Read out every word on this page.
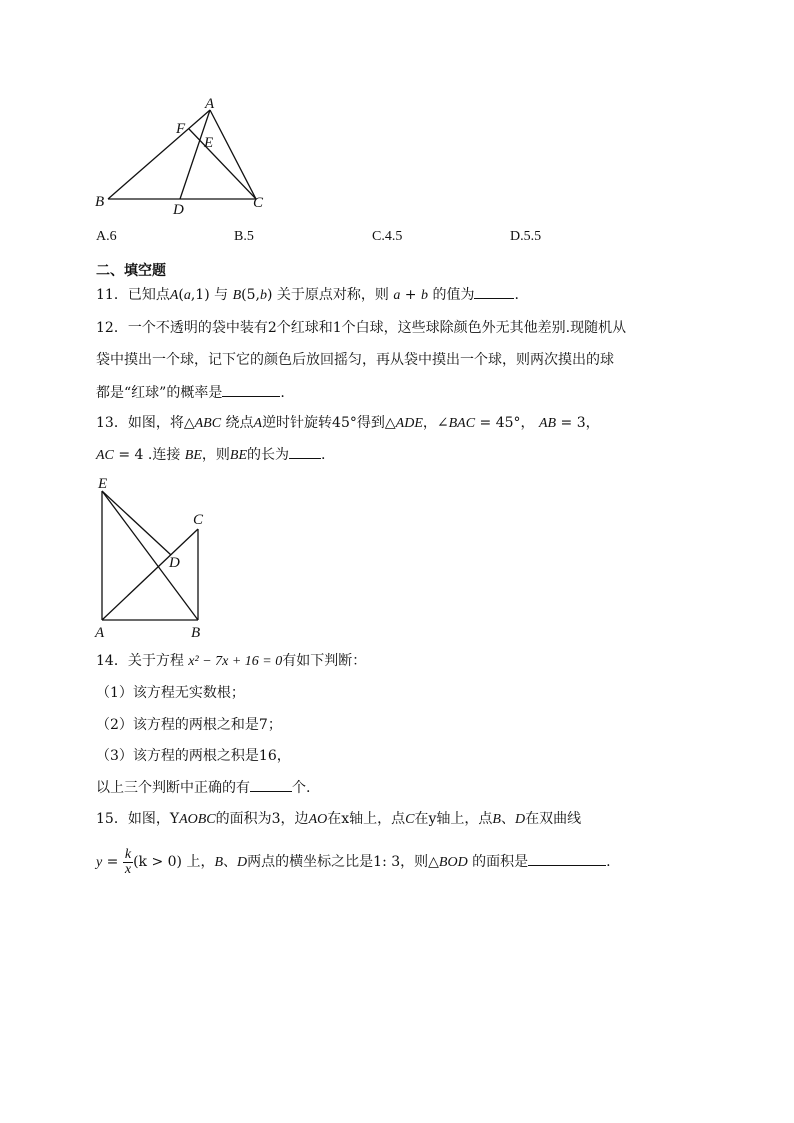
A
F
E
B	D	C
A.6	B.5	C.4.5	D.5.5
二、填空题
11．已知点A(a,1) 与 B(5,b) 关于原点对称，则 a + b 的值为	.
12．一个不透明的袋中装有2个红球和1个白球，这些球除颜色外无其他差别.现随机从
袋中摸出一个球，记下它的颜色后放回摇匀，再从袋中摸出一个球，则两次摸出的球
都是“红球”的概率是	.
13．如图，将△ABC 绕点A逆时针旋转45°得到△ADE，∠BAC = 45°， AB = 3，
AC = 4 .连接 BE，则BE的长为 .
E
C
D
A	B
14．关于方程 x² − 7x + 16 = 0有如下判断：
（1）该方程无实数根；
（2）该方程的两根之和是7；
（3）该方程的两根之积是16，
以上三个判断中正确的有	个.
15．如图，YAOBC的面积为3，边AO在x轴上，点C在y轴上，点B、D在双曲线
$y = \frac{k}{x} (k > 0)$ 上，B、D两点的横坐标之比是1: 3，则△BOD 的面积是	.
